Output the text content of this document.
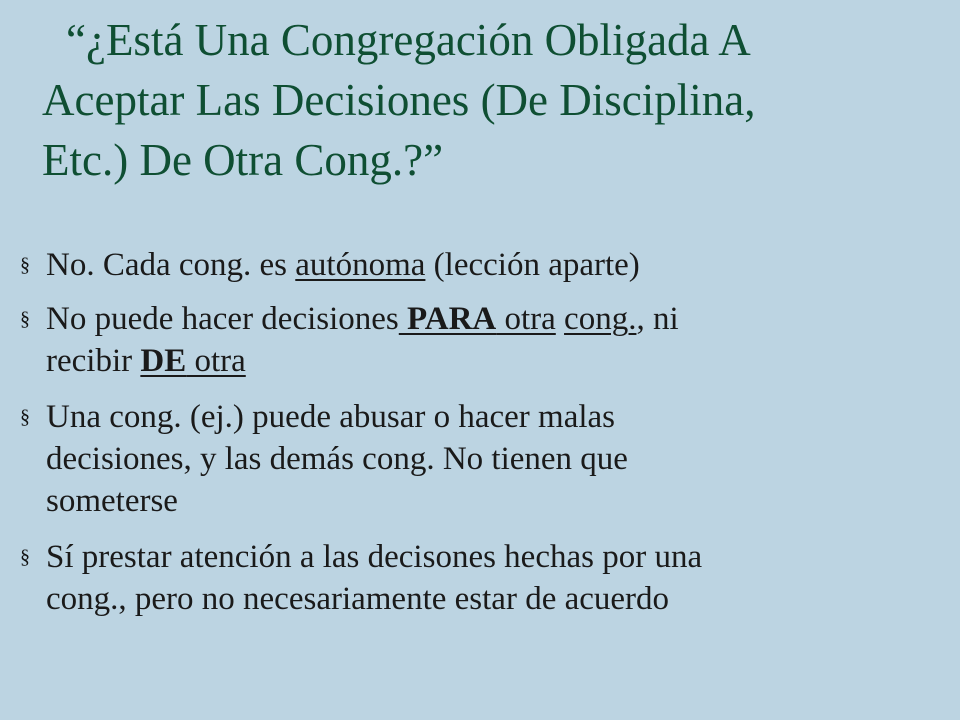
“¿Está Una Congregación Obligada A
Aceptar Las Decisiones (De Disciplina,
Etc.) De Otra Cong.?”
§ No. Cada cong. es autónoma (lección aparte)
§ No puede hacer decisiones PARA otra cong., ni
recibir DE otra
§ Una cong. (ej.) puede abusar o hacer malas
decisiones, y las demás cong. No tienen que
someterse
§ Sí prestar atención a las decisones hechas por una
cong., pero no necesariamente estar de acuerdo
